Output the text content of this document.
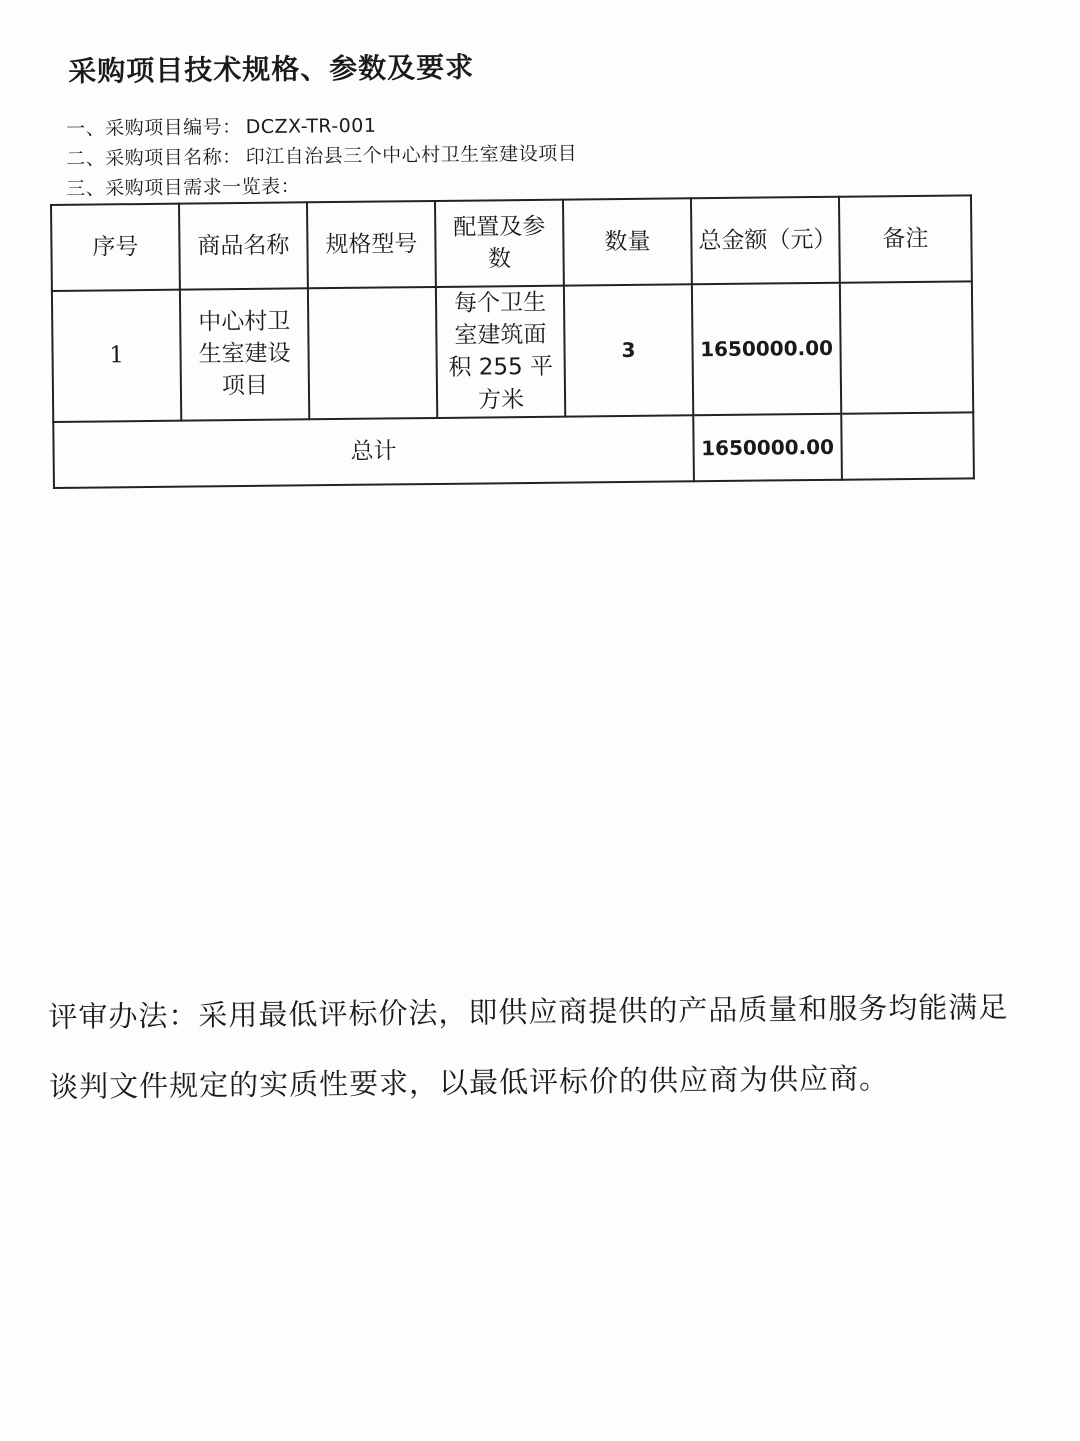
采购项目技术规格、参数及要求
一、采购项目编号： DCZX-TR-001
二、采购项目名称： 印江自治县三个中心村卫生室建设项目
三、采购项目需求一览表：
序号	商品名称	规格型号	配置及参数	数量	总金额（元）	备注
1	中心村卫生室建设项目		每个卫生室建筑面积 255 平方米	3	1650000.00	
总计					1650000.00	
评审办法：采用最低评标价法，即供应商提供的产品质量和服务均能满足谈判文件规定的实质性要求，以最低评标价的供应商为供应商。
